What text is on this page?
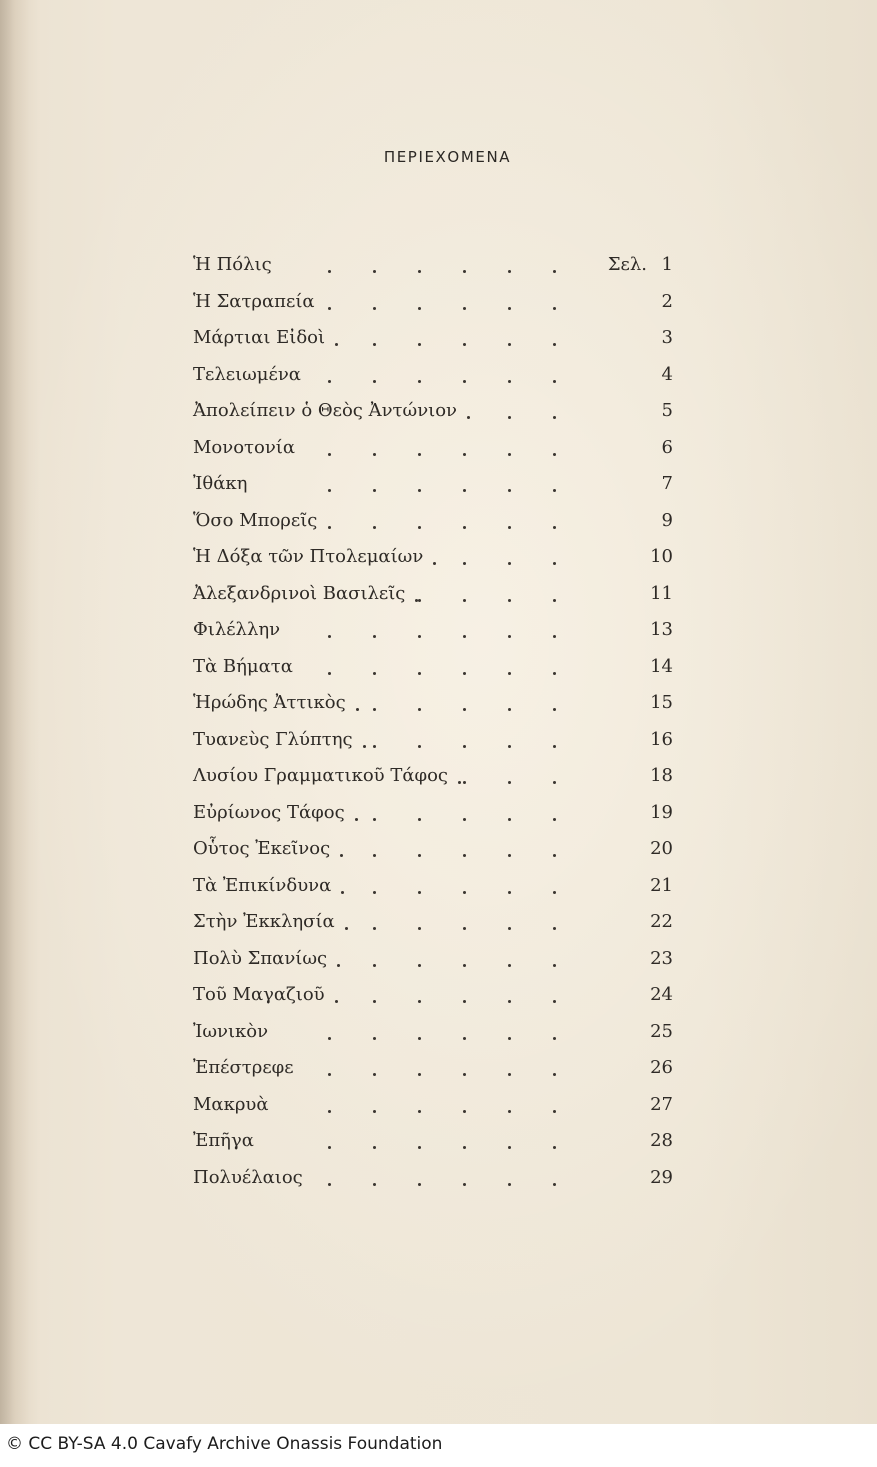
ΠΕΡΙΕΧΟΜΕΝΑ
Ἡ Πόλις	Σελ. 1
Ἡ Σατραπεία	2
Μάρτιαι Εἰδοὶ	3
Τελειωμένα	4
Ἀπολείπειν ὁ Θεὸς Ἀντώνιον	5
Μονοτονία	6
Ἰθάκη	7
Ὅσο Μπορεῖς	9
Ἡ Δόξα τῶν Πτολεμαίων	10
Ἀλεξανδρινοὶ Βασιλεῖς	11
Φιλέλλην	13
Τὰ Βήματα	14
Ἡρώδης Ἀττικὸς	15
Τυανεὺς Γλύπτης	16
Λυσίου Γραμματικοῦ Τάφος	18
Εὐρίωνος Τάφος	19
Οὗτος Ἐκεῖνος	20
Τὰ Ἐπικίνδυνα	21
Στὴν Ἐκκλησία	22
Πολὺ Σπανίως	23
Τοῦ Μαγαζιοῦ	24
Ἰωνικὸν	25
Ἐπέστρεφε	26
Μακρυὰ	27
Ἐπῆγα	28
Πολυέλαιος	29
© CC BY-SA 4.0 Cavafy Archive Onassis Foundation
